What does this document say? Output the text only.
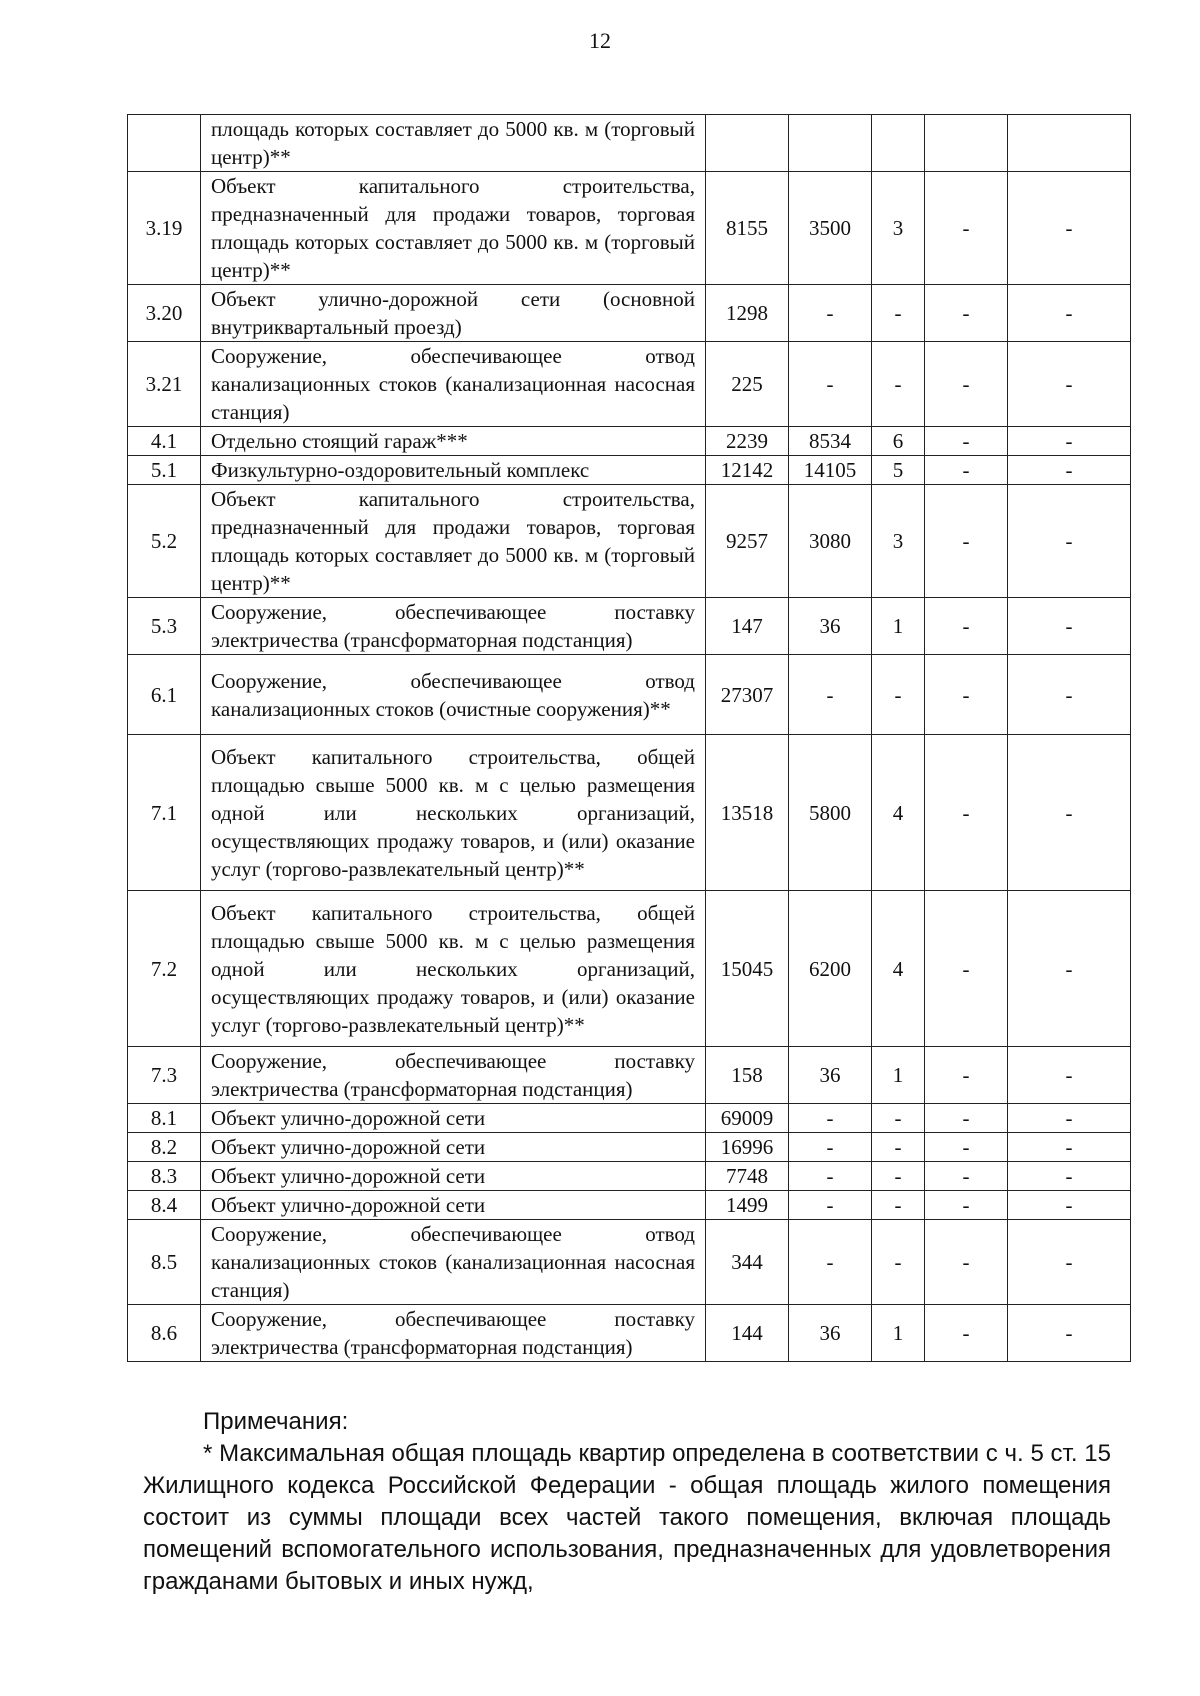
12
	площадь которых составляет до 5000 кв. м (торговый центр)**					
3.19	Объект капитального строительства, предназначенный для продажи товаров, торговая площадь которых составляет до 5000 кв. м (торговый центр)**	8155	3500	3	-	-
3.20	Объект улично-дорожной сети (основной внутриквартальный проезд)	1298	-	-	-	-
3.21	Сооружение, обеспечивающее отвод канализационных стоков (канализационная насосная станция)	225	-	-	-	-
4.1	Отдельно стоящий гараж***	2239	8534	6	-	-
5.1	Физкультурно-оздоровительный комплекс	12142	14105	5	-	-
5.2	Объект капитального строительства, предназначенный для продажи товаров, торговая площадь которых составляет до 5000 кв. м (торговый центр)**	9257	3080	3	-	-
5.3	Сооружение, обеспечивающее поставку электричества (трансформаторная подстанция)	147	36	1	-	-
6.1	Сооружение, обеспечивающее отвод канализационных стоков (очистные сооружения)**	27307	-	-	-	-
7.1	Объект капитального строительства, общей площадью свыше 5000 кв. м с целью размещения одной или нескольких организаций, осуществляющих продажу товаров, и (или) оказание услуг (торгово-развлекательный центр)**	13518	5800	4	-	-
7.2	Объект капитального строительства, общей площадью свыше 5000 кв. м с целью размещения одной или нескольких организаций, осуществляющих продажу товаров, и (или) оказание услуг (торгово-развлекательный центр)**	15045	6200	4	-	-
7.3	Сооружение, обеспечивающее поставку электричества (трансформаторная подстанция)	158	36	1	-	-
8.1	Объект улично-дорожной сети	69009	-	-	-	-
8.2	Объект улично-дорожной сети	16996	-	-	-	-
8.3	Объект улично-дорожной сети	7748	-	-	-	-
8.4	Объект улично-дорожной сети	1499	-	-	-	-
8.5	Сооружение, обеспечивающее отвод канализационных стоков (канализационная насосная станция)	344	-	-	-	-
8.6	Сооружение, обеспечивающее поставку электричества (трансформаторная подстанция)	144	36	1	-	-
Примечания:
* Максимальная общая площадь квартир определена в соответствии с ч. 5 ст. 15 Жилищного кодекса Российской Федерации - общая площадь жилого помещения состоит из суммы площади всех частей такого помещения, включая площадь помещений вспомогательного использования, предназначенных для удовлетворения гражданами бытовых и иных нужд,
